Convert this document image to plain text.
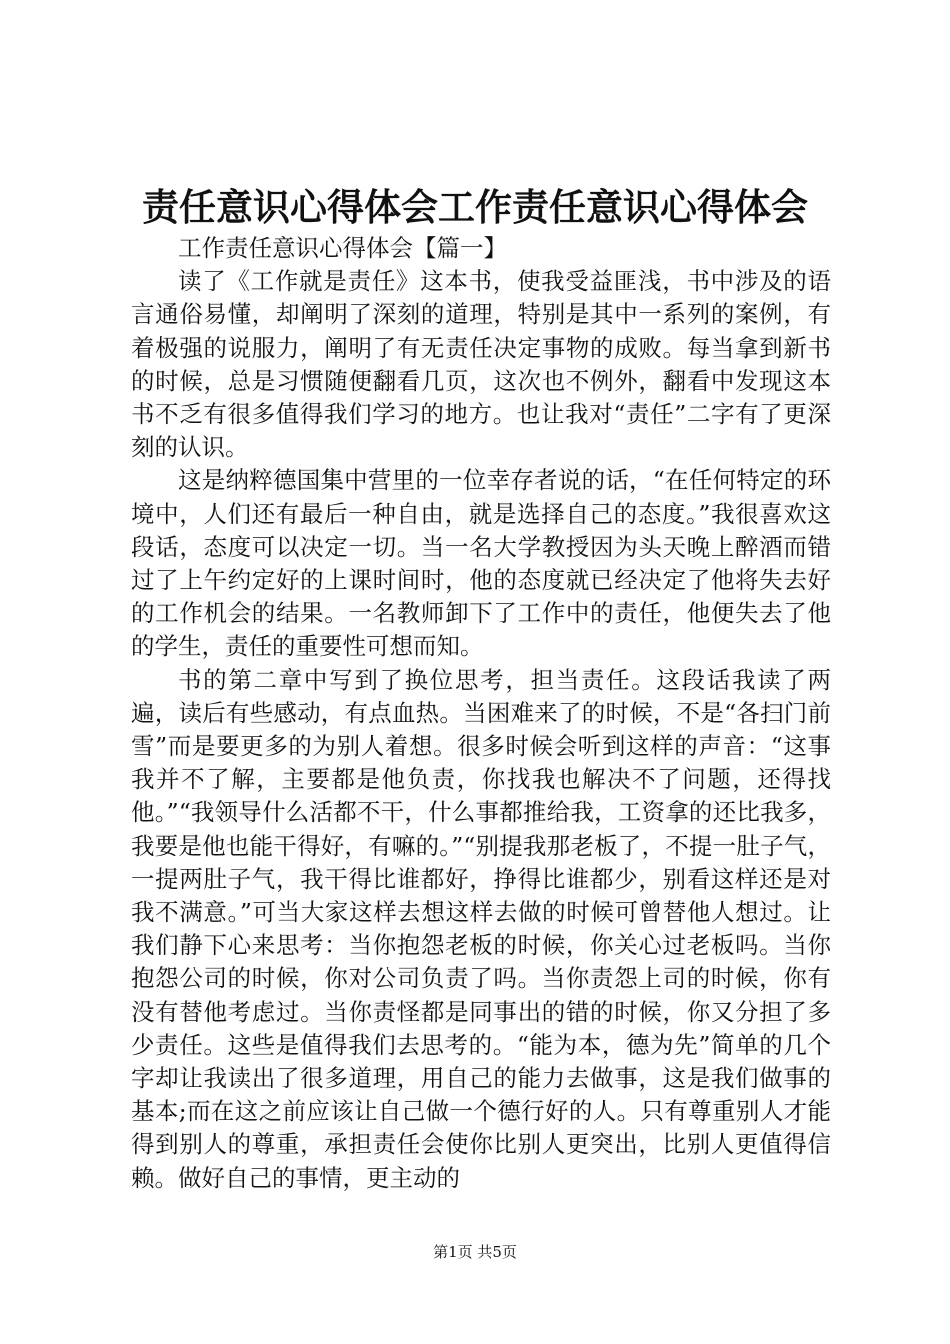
责任意识心得体会工作责任意识心得体会

工作责任意识心得体会【篇一】

读了《工作就是责任》这本书，使我受益匪浅，书中涉及的语言通俗易懂，却阐明了深刻的道理，特别是其中一系列的案例，有着极强的说服力，阐明了有无责任决定事物的成败。每当拿到新书的时候，总是习惯随便翻看几页，这次也不例外，翻看中发现这本书不乏有很多值得我们学习的地方。也让我对“责任”二字有了更深刻的认识。

这是纳粹德国集中营里的一位幸存者说的话，“在任何特定的环境中，人们还有最后一种自由，就是选择自己的态度。”我很喜欢这段话，态度可以决定一切。当一名大学教授因为头天晚上醉酒而错过了上午约定好的上课时间时，他的态度就已经决定了他将失去好的工作机会的结果。一名教师卸下了工作中的责任，他便失去了他的学生，责任的重要性可想而知。

书的第二章中写到了换位思考，担当责任。这段话我读了两遍，读后有些感动，有点血热。当困难来了的时候，不是“各扫门前雪”而是要更多的为别人着想。很多时候会听到这样的声音：“这事我并不了解，主要都是他负责，你找我也解决不了问题，还得找他。”“我领导什么活都不干，什么事都推给我，工资拿的还比我多，我要是他也能干得好，有嘛的。”“别提我那老板了，不提一肚子气，一提两肚子气，我干得比谁都好，挣得比谁都少，别看这样还是对我不满意。”可当大家这样去想这样去做的时候可曾替他人想过。让我们静下心来思考：当你抱怨老板的时候，你关心过老板吗。当你抱怨公司的时候，你对公司负责了吗。当你责怨上司的时候，你有没有替他考虑过。当你责怪都是同事出的错的时候，你又分担了多少责任。这些是值得我们去思考的。“能为本，德为先”简单的几个字却让我读出了很多道理，用自己的能力去做事，这是我们做事的基本;而在这之前应该让自己做一个德行好的人。只有尊重别人才能得到别人的尊重，承担责任会使你比别人更突出，比别人更值得信赖。做好自己的事情，更主动的

第1页 共5页
